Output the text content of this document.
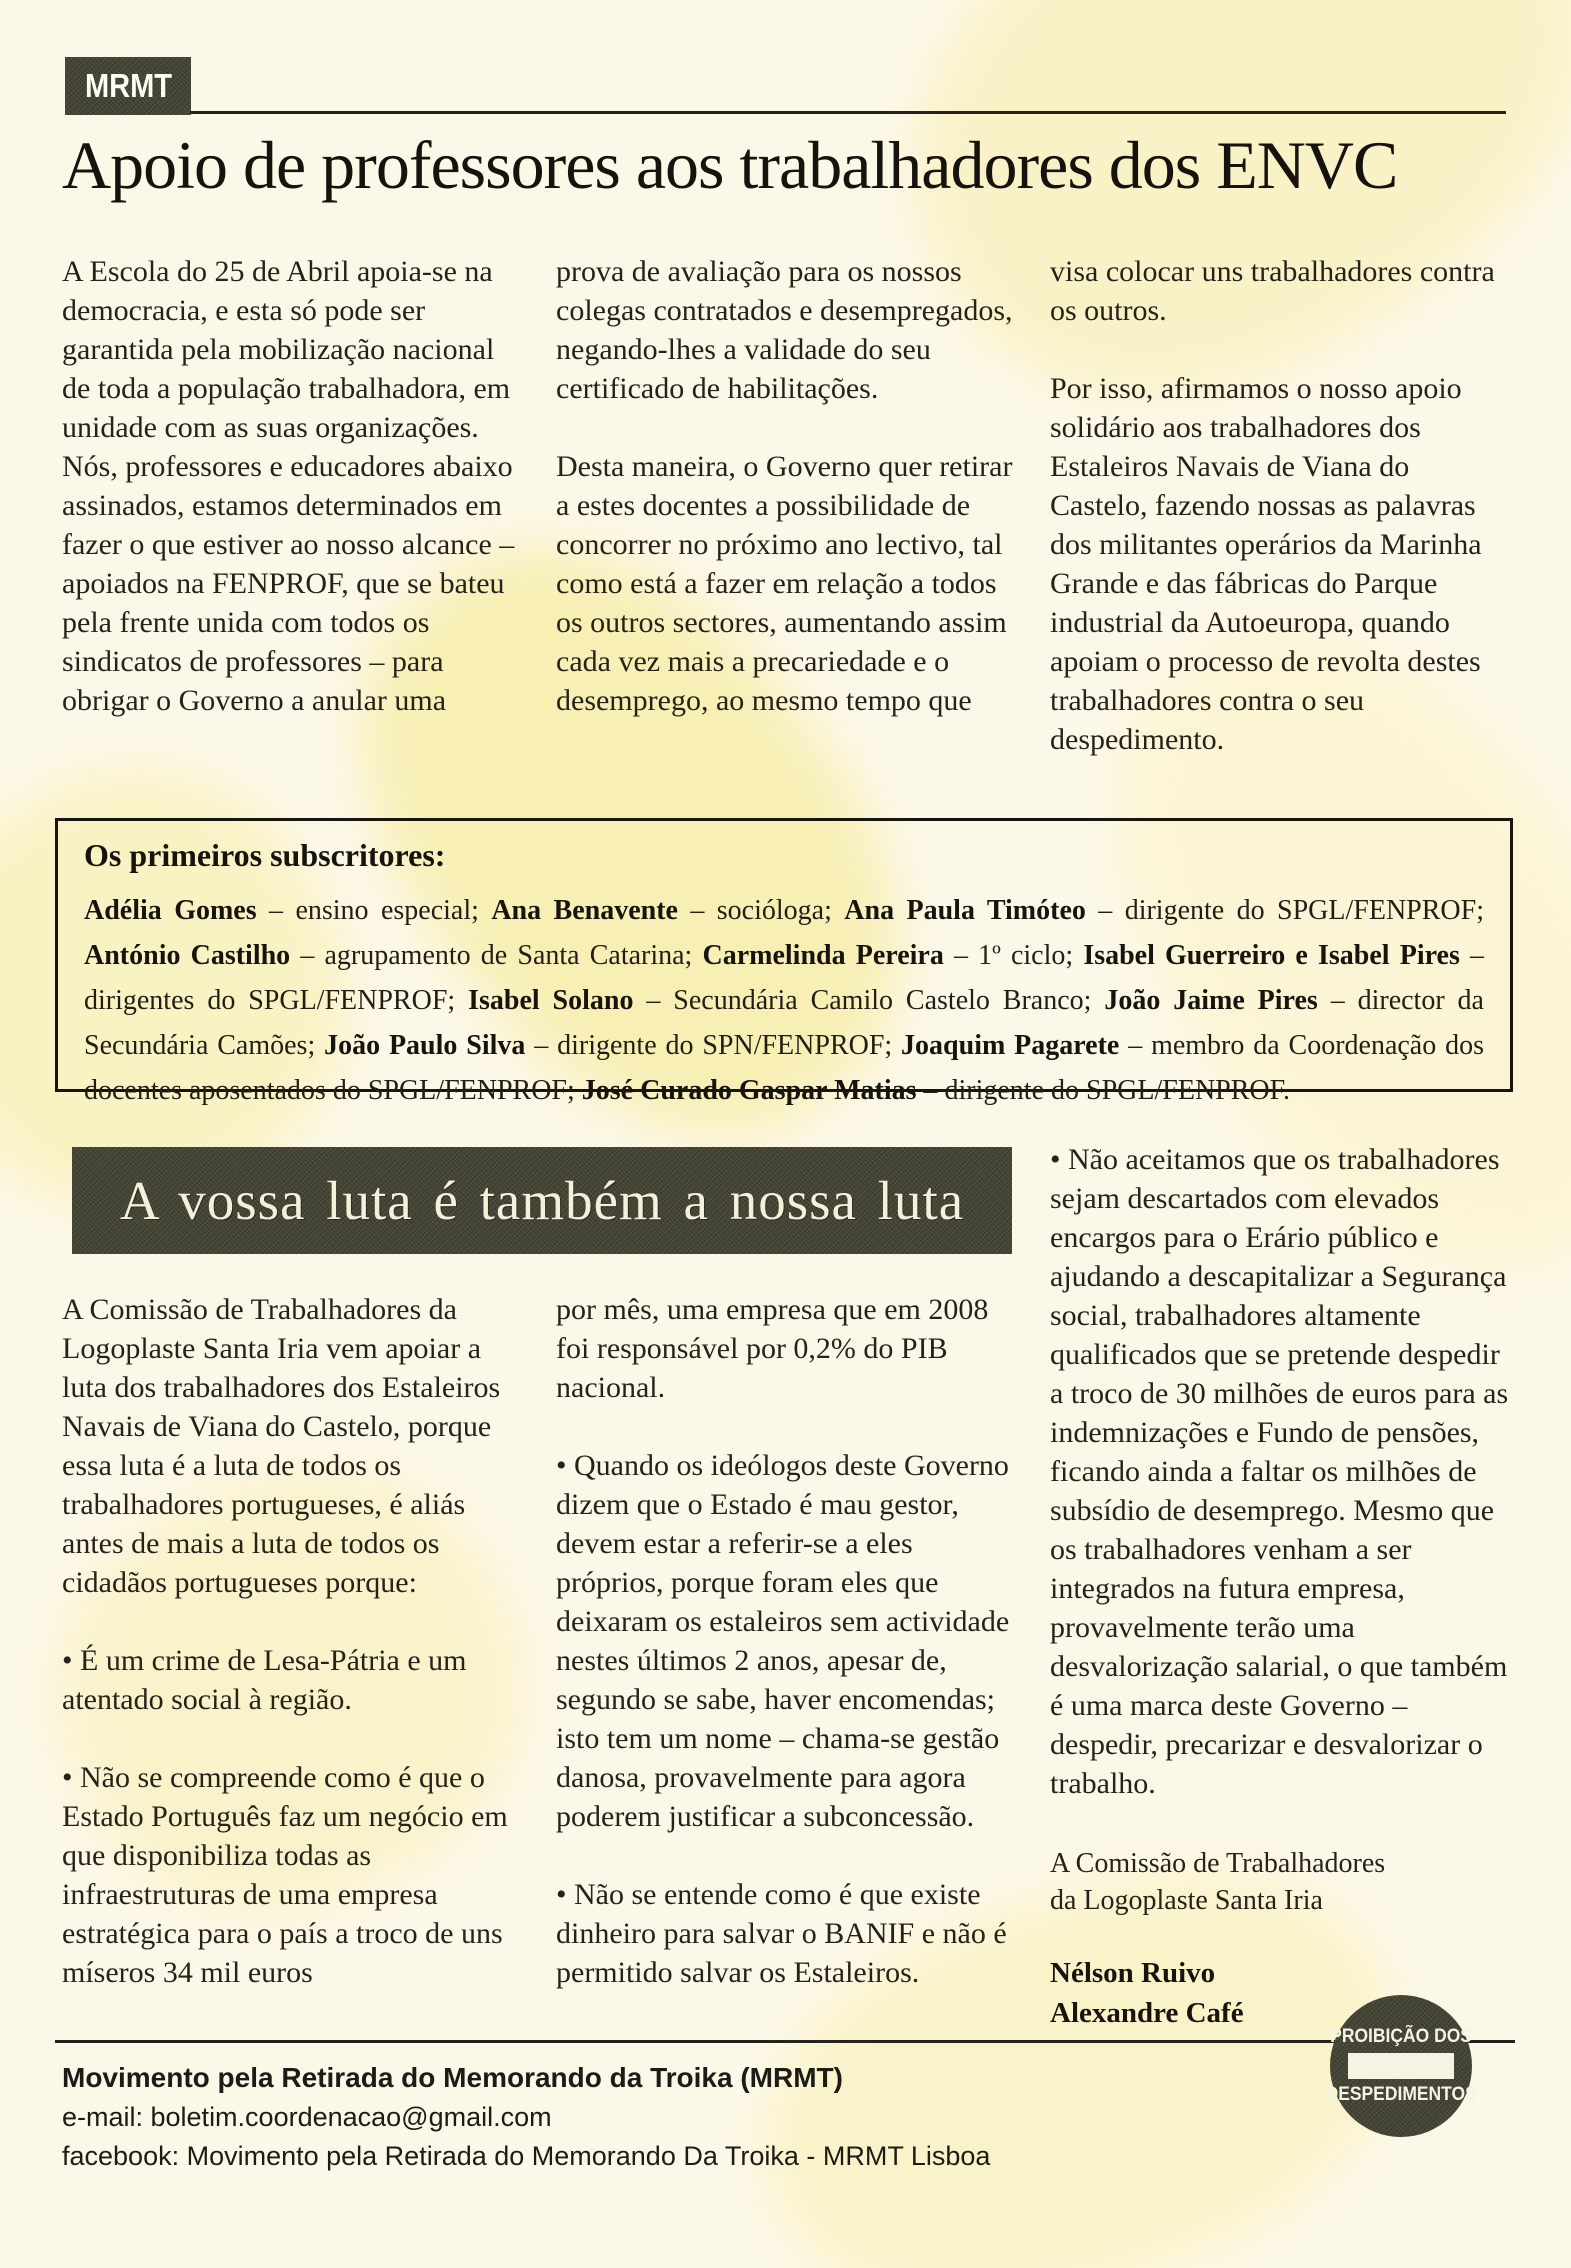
MRMT
Apoio de professores aos trabalhadores dos ENVC

A Escola do 25 de Abril apoia-se na democracia, e esta só pode ser garantida pela mobilização nacional de toda a população trabalhadora, em unidade com as suas organizações.

Nós, professores e educadores abaixo assinados, estamos determinados em fazer o que estiver ao nosso alcance – apoiados na FENPROF, que se bateu pela frente unida com todos os sindicatos de professores – para obrigar o Governo a anular uma

prova de avaliação para os nossos colegas contratados e desempregados, negando-lhes a validade do seu certificado de habilitações.

Desta maneira, o Governo quer retirar a estes docentes a possibilidade de concorrer no próximo ano lectivo, tal como está a fazer em relação a todos os outros sectores, aumentando assim cada vez mais a precariedade e o desemprego, ao mesmo tempo que

visa colocar uns trabalhadores contra os outros.

Por isso, afirmamos o nosso apoio solidário aos trabalhadores dos Estaleiros Navais de Viana do Castelo, fazendo nossas as palavras dos militantes operários da Marinha Grande e das fábricas do Parque industrial da Autoeuropa, quando apoiam o processo de revolta destes trabalhadores contra o seu despedimento.

Os primeiros subscritores:

Adélia Gomes – ensino especial; Ana Benavente – socióloga; Ana Paula Timóteo – dirigente do SPGL/FENPROF; António Castilho – agrupamento de Santa Catarina; Carmelinda Pereira – 1º ciclo; Isabel Guerreiro e Isabel Pires – dirigentes do SPGL/FENPROF; Isabel Solano – Secundária Camilo Castelo Branco; João Jaime Pires – director da Secundária Camões; João Paulo Silva – dirigente do SPN/FENPROF; Joaquim Pagarete – membro da Coordenação dos docentes aposentados do SPGL/FENPROF; José Curado Gaspar Matias – dirigente do SPGL/FENPROF.

A vossa luta é também a nossa luta

A Comissão de Trabalhadores da Logoplaste Santa Iria vem apoiar a luta dos trabalhadores dos Estaleiros Navais de Viana do Castelo, porque essa luta é a luta de todos os trabalhadores portugueses, é aliás antes de mais a luta de todos os cidadãos portugueses porque:

• É um crime de Lesa-Pátria e um atentado social à região.

• Não se compreende como é que o Estado Português faz um negócio em que disponibiliza todas as infraestruturas de uma empresa estratégica para o país a troco de uns míseros 34 mil euros

por mês, uma empresa que em 2008 foi responsável por 0,2% do PIB nacional.

• Quando os ideólogos deste Governo dizem que o Estado é mau gestor, devem estar a referir-se a eles próprios, porque foram eles que deixaram os estaleiros sem actividade nestes últimos 2 anos, apesar de, segundo se sabe, haver encomendas; isto tem um nome – chama-se gestão danosa, provavelmente para agora poderem justificar a subconcessão.

• Não se entende como é que existe dinheiro para salvar o BANIF e não é permitido salvar os Estaleiros.

• Não aceitamos que os trabalhadores sejam descartados com elevados encargos para o Erário público e ajudando a descapitalizar a Segurança social, trabalhadores altamente qualificados que se pretende despedir a troco de 30 milhões de euros para as indemnizações e Fundo de pensões, ficando ainda a faltar os milhões de subsídio de desemprego. Mesmo que os trabalhadores venham a ser integrados na futura empresa, provavelmente terão uma desvalorização salarial, o que também é uma marca deste Governo – despedir, precarizar e desvalorizar o trabalho.

A Comissão de Trabalhadores

da Logoplaste Santa Iria

Nélson Ruivo

Alexandre Café

Movimento pela Retirada do Memorando da Troika (MRMT)
e-mail: boletim.coordenacao@gmail.com
facebook: Movimento pela Retirada do Memorando Da Troika - MRMT Lisboa
PROIBIÇÃO DOS
DESPEDIMENTOS
